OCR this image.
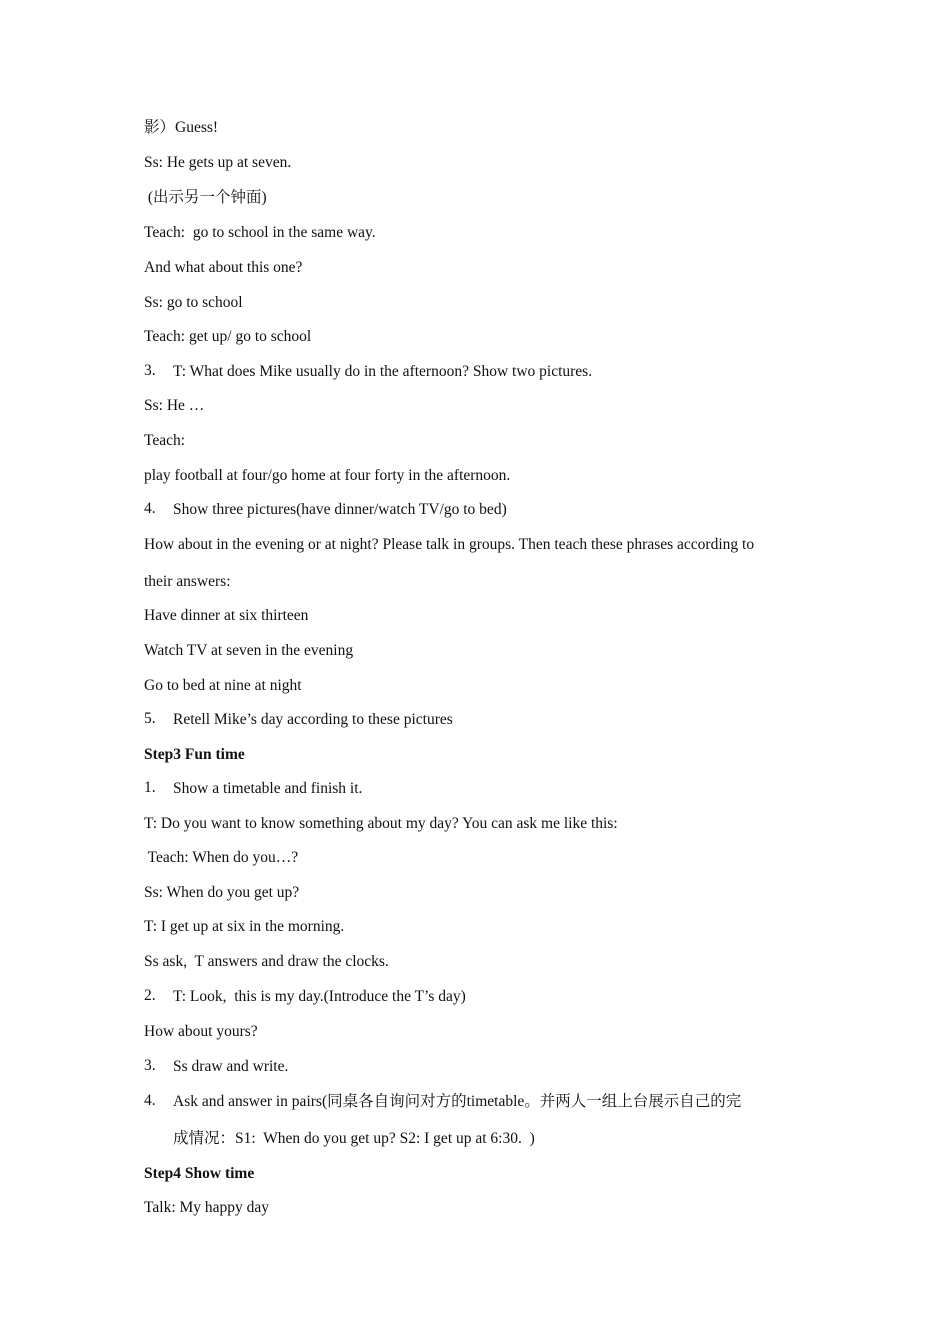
影）Guess!
Ss: He gets up at seven.
(出示另一个钟面)
Teach:  go to school in the same way.
And what about this one?
Ss: go to school
Teach: get up/ go to school
3. T: What does Mike usually do in the afternoon? Show two pictures.
Ss: He …
Teach:
play football at four/go home at four forty in the afternoon.
4. Show three pictures(have dinner/watch TV/go to bed)
How about in the evening or at night? Please talk in groups. Then teach these phrases according to
their answers:
Have dinner at six thirteen
Watch TV at seven in the evening
Go to bed at nine at night
5. Retell Mike’s day according to these pictures
Step3 Fun time
1. Show a timetable and finish it.
T: Do you want to know something about my day? You can ask me like this:
Teach: When do you…?
Ss: When do you get up?
T: I get up at six in the morning.
Ss ask,  T answers and draw the clocks.
2. T: Look,  this is my day.(Introduce the T’s day)
How about yours?
3. Ss draw and write.
4. Ask and answer in pairs(同桌各自询问对方的timetable。并两人一组上台展示自己的完
成情况：S1:  When do you get up? S2: I get up at 6:30.  )
Step4 Show time
Talk: My happy day
